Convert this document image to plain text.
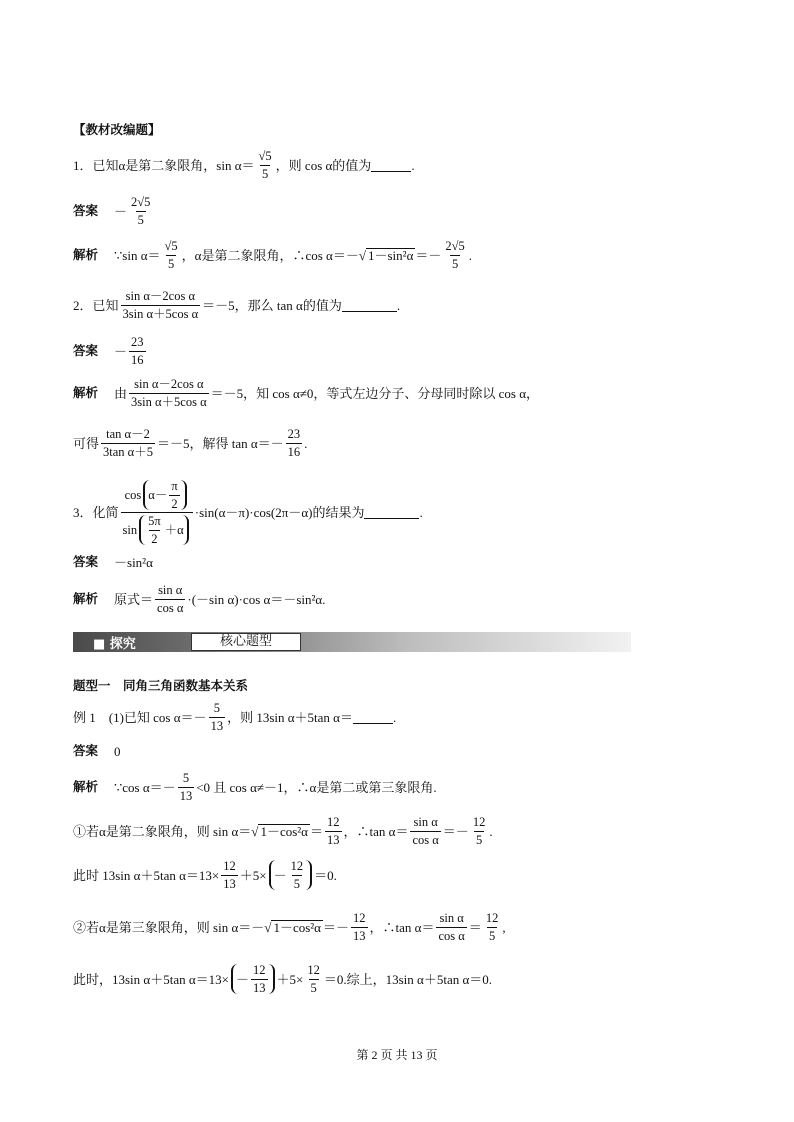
【教材改编题】
1．已知α是第二象限角，$\sin \alpha= \frac{√5}{5}$ ，则 cos α的值为	.
答案 － $\frac{2√5}{5}$
解析 ∵sin $\alpha= \frac{√5}{5}$ ，α是第二象限角，∴cos α＝－ √ $1-\sin^2\alpha =- \frac{2√5}{5}$ .
2．已知 $\frac{\text{sin α－2cos α}}{\text{3sin α＋5cos α}} =-5$，那么 tan α的值为	.
答案 － $\frac{23}{16}$
解析 由 $\frac{\text{sin α－2cos α}}{\text{3sin α＋5cos α}} =-5$，知 cos α≠0，等式左边分子、分母同时除以 cos α，
可得 $\frac{\text{tan α－2}}{\text{3tan α＋5}} =-5$，解得 $\tan \alpha=- \frac{23}{16}$ .
3．化简 $\frac{\cos \alpha- \frac{\pi}{2}}{\sin \frac{5\pi}{2} +\alpha} \cdot\sin(\alpha-\pi)\cdot\cos(2\pi-\alpha)$的结果为	.
答案 －sin²α
解析 原式＝ $\frac{\text{sin α}}{\text{cos α}} \cdot(-\sin$ α)·cos α＝－sin²α.
■ 探究	核心题型
题型一　同角三角函数基本关系
例 1　(1)已知 $\cos \alpha=- \frac{5}{13}$ ，则 13sin α＋5tan α＝	.
答案 0
解析 ∵cos $\alpha=- \frac{5}{13} <0$ 且 cos α≠－1，∴α是第二或第三象限角.
①若α是第二象限角，则 sin α＝ √ $1-\cos^2\alpha = \frac{12}{13}$ ，∴tan $\alpha= \frac{\text{sin α}}{\text{cos α}} =- \frac{12}{5}$ .
此时 13sin α＋5tan $\alpha=13\times \frac{12}{13} +5\times - \frac{12}{5} =0$.
②若α是第三象限角，则 sin α＝－ √ $1-\cos^2\alpha =- \frac{12}{13}$ ，∴tan $\alpha= \frac{\text{sin α}}{\text{cos α}} = \frac{12}{5}$ ,
此时，13sin α＋5tan $\alpha=13\times - \frac{12}{13} +5\times \frac{12}{5} =0$.综上，13sin α＋5tan α＝0.
第 2 页 共 13 页
